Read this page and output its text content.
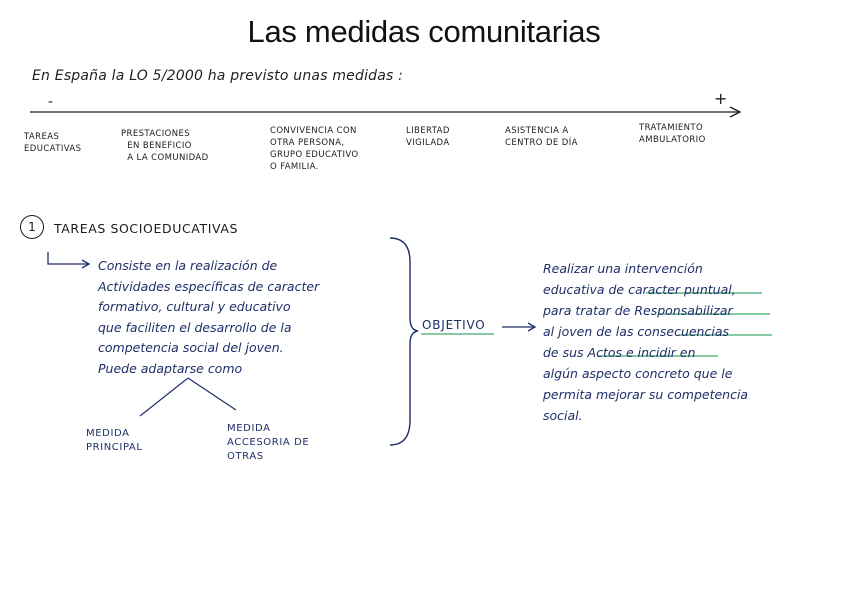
Las medidas comunitarias
En España la LO 5/2000 ha previsto unas medidas :
-	+
TAREAS
EDUCATIVAS
PRESTACIONES
EN BENEFICIO
A LA COMUNIDAD
CONVIVENCIA CON
OTRA PERSONA,
GRUPO EDUCATIVO
O FAMILIA.
LIBERTAD
VIGILADA
ASISTENCIA A
CENTRO DE DÍA
TRATAMIENTO
AMBULATORIO
1	TAREAS SOCIOEDUCATIVAS
Consiste en la realización de
Actividades específicas de caracter
formativo, cultural y educativo
que faciliten el desarrollo de la
competencia social del joven.
Puede adaptarse como
OBJETIVO
Realizar una intervención
educativa de caracter puntual,
para tratar de Responsabilizar
al joven de las consecuencias
de sus Actos e incidir en
algún aspecto concreto que le
permita mejorar su competencia
social.
MEDIDA
PRINCIPAL
MEDIDA
ACCESORIA DE
OTRAS
